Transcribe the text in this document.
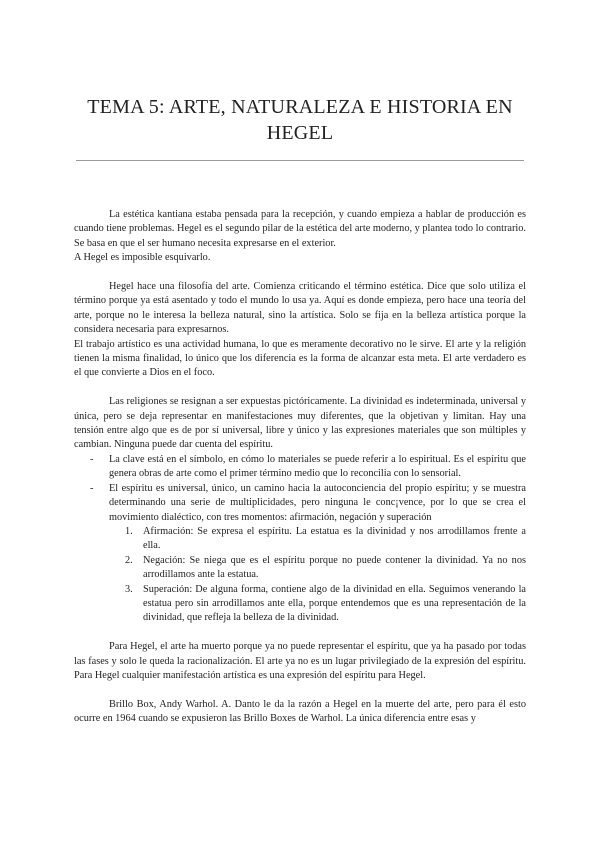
TEMA 5: ARTE, NATURALEZA E HISTORIA EN HEGEL

La estética kantiana estaba pensada para la recepción, y cuando empieza a hablar de producción es cuando tiene problemas. Hegel es el segundo pilar de la estética del arte moderno, y plantea todo lo contrario. Se basa en que el ser humano necesita expresarse en el exterior.

A Hegel es imposible esquivarlo.

Hegel hace una filosofía del arte. Comienza criticando el término estética. Dice que solo utiliza el término porque ya está asentado y todo el mundo lo usa ya. Aquí es donde empieza, pero hace una teoría del arte, porque no le interesa la belleza natural, sino la artística. Solo se fija en la belleza artística porque la considera necesaria para expresarnos.

El trabajo artístico es una actividad humana, lo que es meramente decorativo no le sirve. El arte y la religión tienen la misma finalidad, lo único que los diferencia es la forma de alcanzar esta meta. El arte verdadero es el que convierte a Dios en el foco.

Las religiones se resignan a ser expuestas pictóricamente. La divinidad es indeterminada, universal y única, pero se deja representar en manifestaciones muy diferentes, que la objetivan y limitan. Hay una tensión entre algo que es de por sí universal, libre y único y las expresiones materiales que son múltiples y cambian. Ninguna puede dar cuenta del espíritu.

- La clave está en el símbolo, en cómo lo materiales se puede referir a lo espiritual. Es el espíritu que genera obras de arte como el primer término medio que lo reconcilia con lo sensorial.
- El espíritu es universal, único, un camino hacia la autoconciencia del propio espíritu; y se muestra determinando una serie de multiplicidades, pero ninguna le conc¡vence, por lo que se crea el movimiento dialéctico, con tres momentos: afirmación, negación y superación
1. Afirmación: Se expresa el espíritu. La estatua es la divinidad y nos arrodillamos frente a ella.
2. Negación: Se niega que es el espíritu porque no puede contener la divinidad. Ya no nos arrodillamos ante la estatua.
3. Superación: De alguna forma, contiene algo de la divinidad en ella. Seguimos venerando la estatua pero sin arrodillamos ante ella, porque entendemos que es una representación de la divinidad, que refleja la belleza de la divinidad.

Para Hegel, el arte ha muerto porque ya no puede representar el espíritu, que ya ha pasado por todas las fases y solo le queda la racionalización. El arte ya no es un lugar privilegiado de la expresión del espíritu. Para Hegel cualquier manifestación artística es una expresión del espíritu para Hegel.

Brillo Box, Andy Warhol. A. Danto le da la razón a Hegel en la muerte del arte, pero para él esto ocurre en 1964 cuando se expusieron las Brillo Boxes de Warhol. La única diferencia entre esas y
